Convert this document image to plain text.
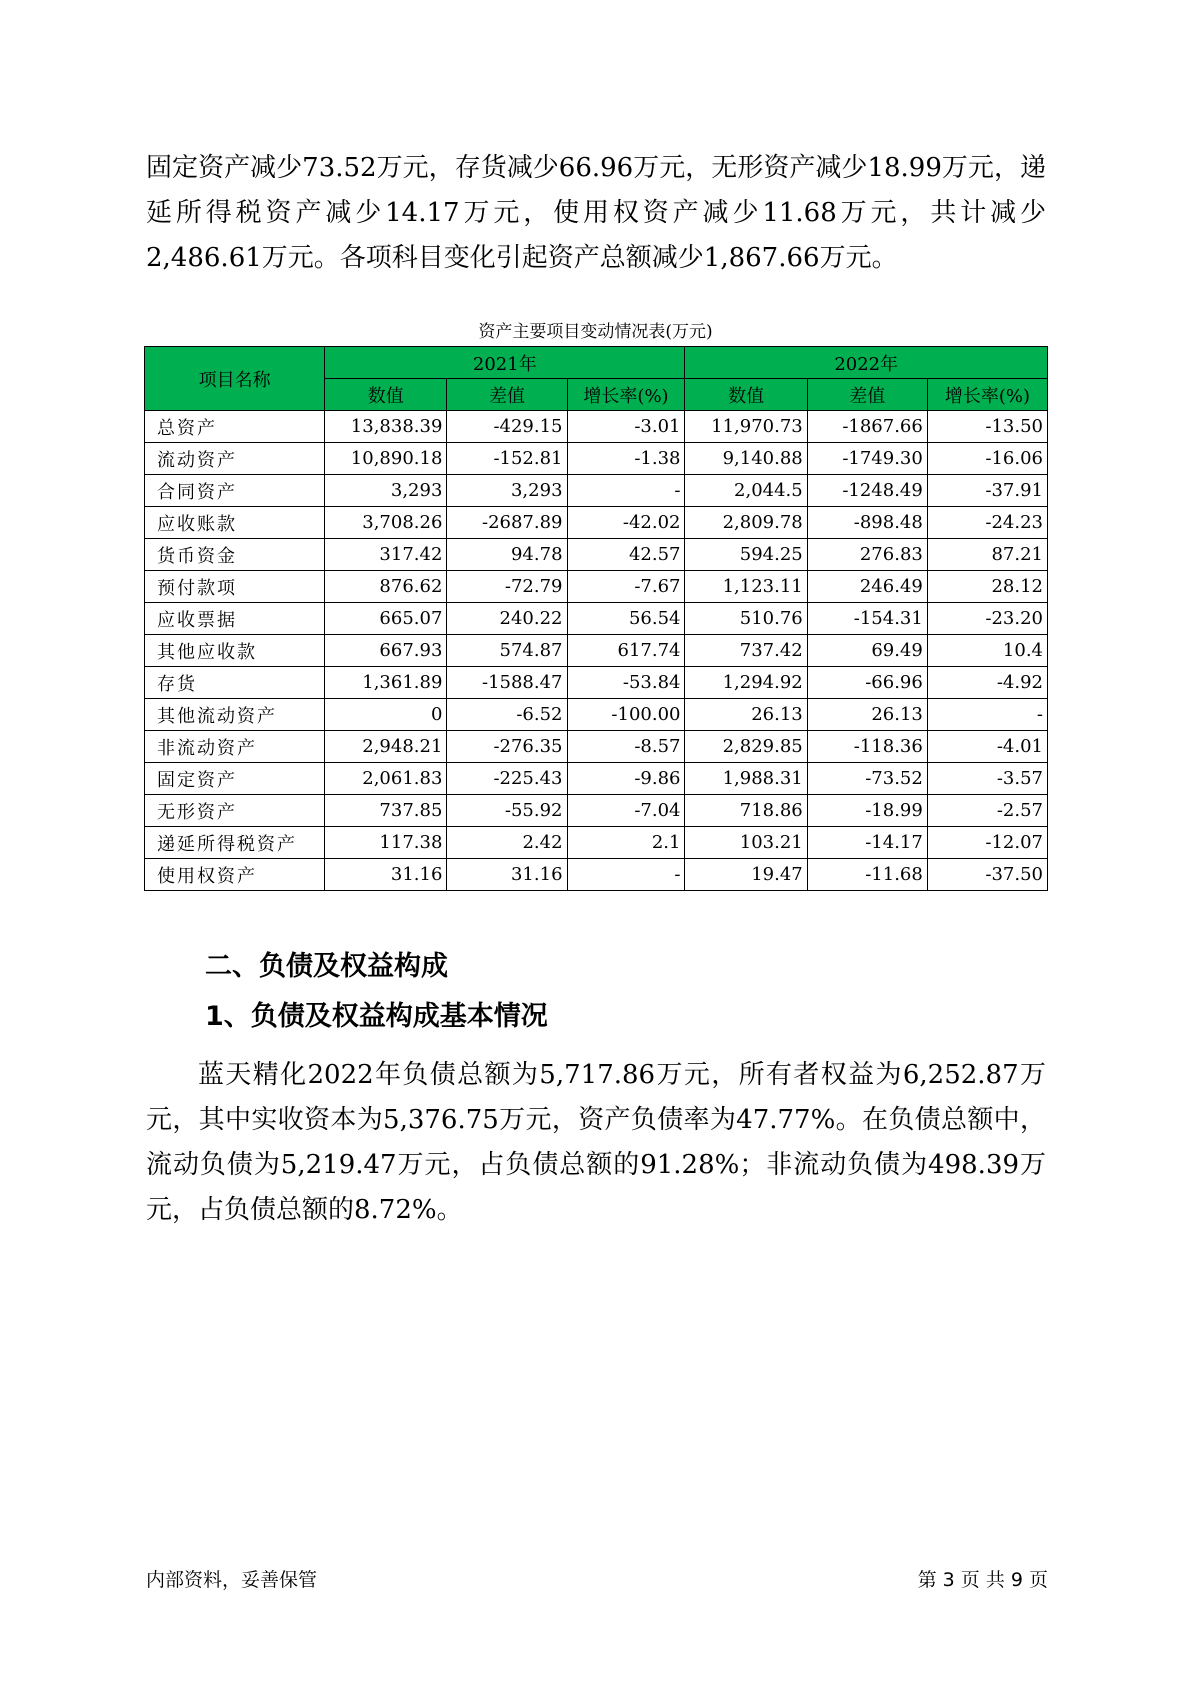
固定资产减少73.52万元，存货减少66.96万元，无形资产减少18.99万元，递延所得税资产减少14.17万元，使用权资产减少11.68万元，共计减少2,486.61万元。各项科目变化引起资产总额减少1,867.66万元。

资产主要项目变动情况表(万元)
项目名称	2021年			2022年		
	数值	差值	增长率(%)	数值	差值	增长率(%)
总资产	13,838.39	-429.15	-3.01	11,970.73	-1867.66	-13.50
流动资产	10,890.18	-152.81	-1.38	9,140.88	-1749.30	-16.06
合同资产	3,293	3,293	-	2,044.5	-1248.49	-37.91
应收账款	3,708.26	-2687.89	-42.02	2,809.78	-898.48	-24.23
货币资金	317.42	94.78	42.57	594.25	276.83	87.21
预付款项	876.62	-72.79	-7.67	1,123.11	246.49	28.12
应收票据	665.07	240.22	56.54	510.76	-154.31	-23.20
其他应收款	667.93	574.87	617.74	737.42	69.49	10.4
存货	1,361.89	-1588.47	-53.84	1,294.92	-66.96	-4.92
其他流动资产	0	-6.52	-100.00	26.13	26.13	-
非流动资产	2,948.21	-276.35	-8.57	2,829.85	-118.36	-4.01
固定资产	2,061.83	-225.43	-9.86	1,988.31	-73.52	-3.57
无形资产	737.85	-55.92	-7.04	718.86	-18.99	-2.57
递延所得税资产	117.38	2.42	2.1	103.21	-14.17	-12.07
使用权资产	31.16	31.16	-	19.47	-11.68	-37.50
二、负债及权益构成
1、负债及权益构成基本情况

蓝天精化2022年负债总额为5,717.86万元，所有者权益为6,252.87万元，其中实收资本为5,376.75万元，资产负债率为47.77%。在负债总额中，流动负债为5,219.47万元，占负债总额的91.28%；非流动负债为498.39万元，占负债总额的8.72%。

内部资料，妥善保管	第 3 页 共 9 页
